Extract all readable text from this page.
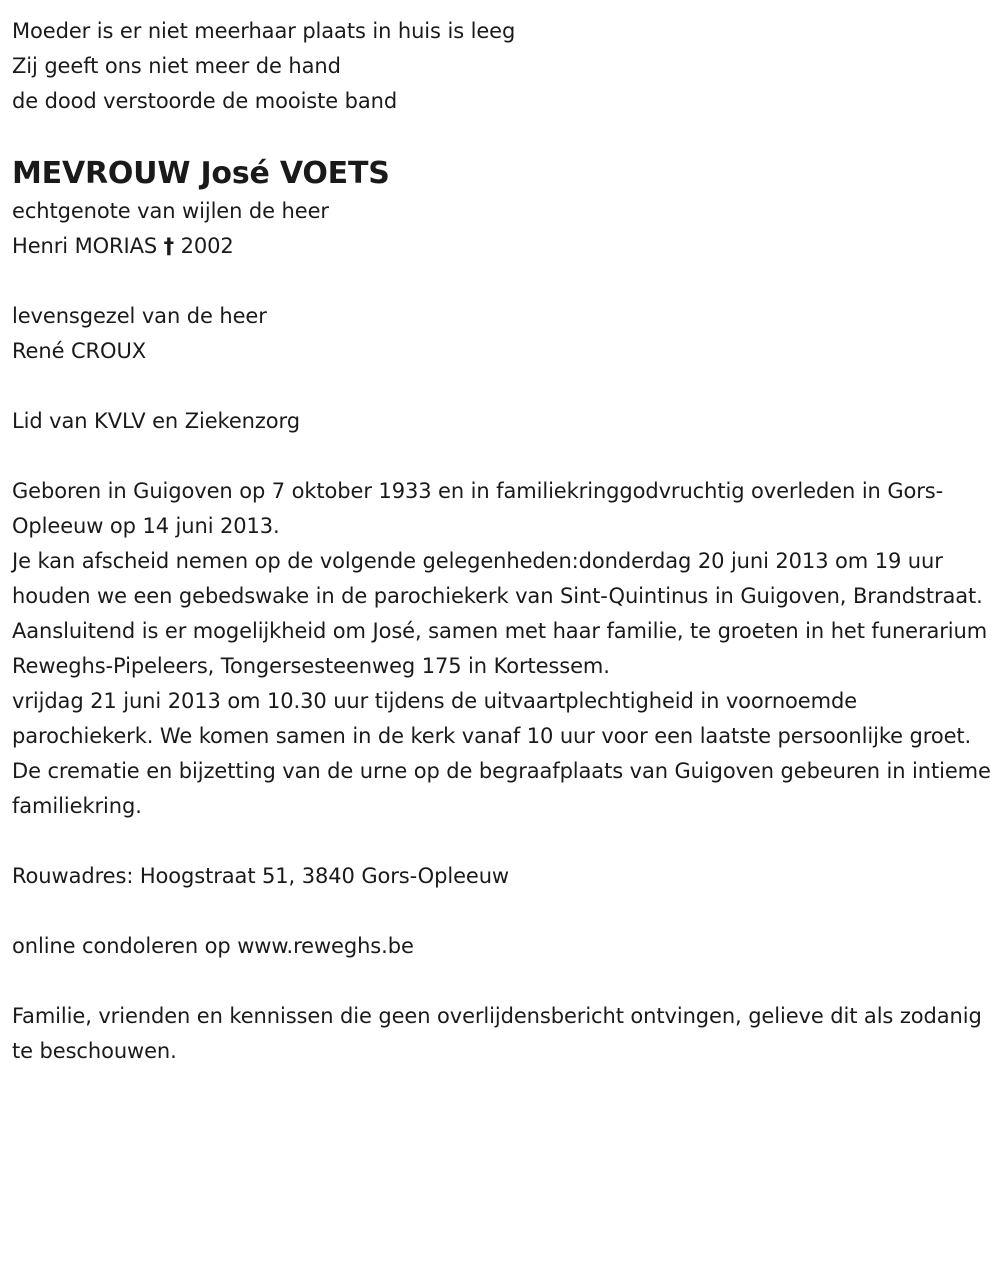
Moeder is er niet meerhaar plaats in huis is leeg
Zij geeft ons niet meer de hand
de dood verstoorde de mooiste band
MEVROUW José VOETS
echtgenote van wijlen de heer
Henri MORIAS † 2002
levensgezel van de heer
René CROUX
Lid van KVLV en Ziekenzorg

Geboren in Guigoven op 7 oktober 1933 en in familiekringgodvruchtig overleden in Gors-Opleeuw op 14 juni 2013.

Je kan afscheid nemen op de volgende gelegenheden:donderdag 20 juni 2013 om 19 uur houden we een gebedswake in de parochiekerk van Sint-Quintinus in Guigoven, Brandstraat. Aansluitend is er mogelijkheid om José, samen met haar familie, te groeten in het funerarium Reweghs-Pipeleers, Tongersesteenweg 175 in Kortessem.

vrijdag 21 juni 2013 om 10.30 uur tijdens de uitvaartplechtigheid in voornoemde parochiekerk. We komen samen in de kerk vanaf 10 uur voor een laatste persoonlijke groet. De crematie en bijzetting van de urne op de begraafplaats van Guigoven gebeuren in intieme familiekring.

Rouwadres: Hoogstraat 51, 3840 Gors-Opleeuw
online condoleren op www.reweghs.be

Familie, vrienden en kennissen die geen overlijdensbericht ontvingen, gelieve dit als zodanig te beschouwen.
